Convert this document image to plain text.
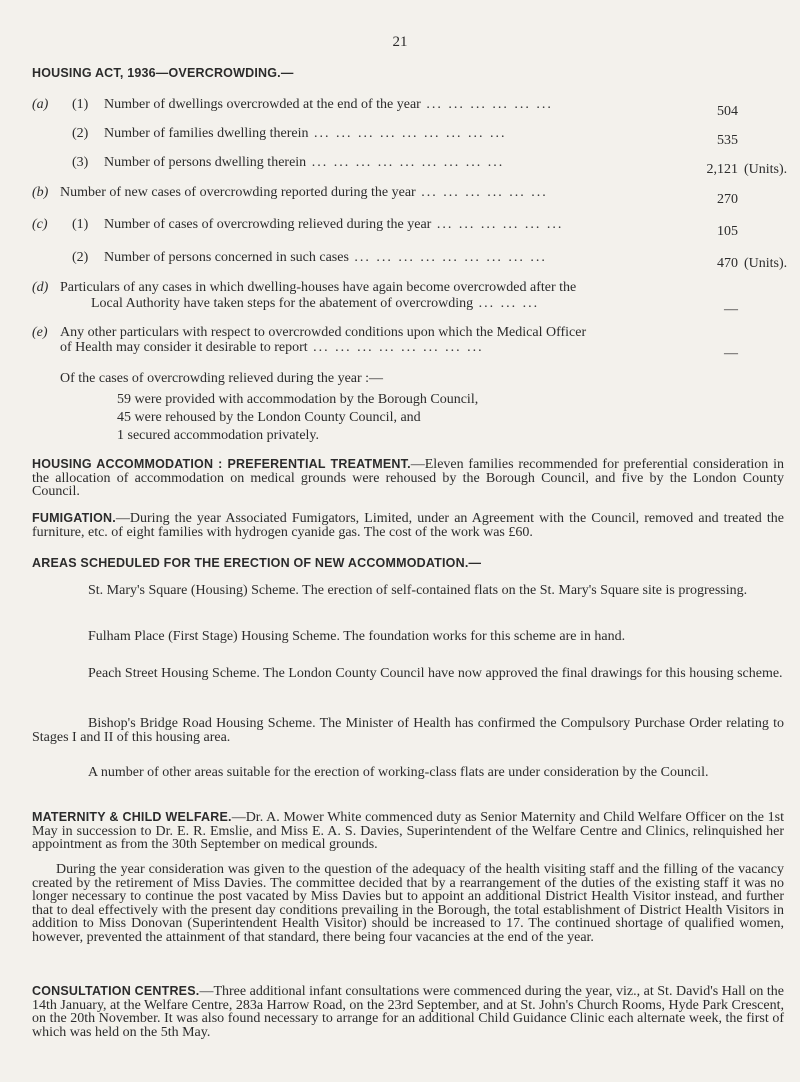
21
HOUSING ACT, 1936—OVERCROWDING.—
(a) (1) Number of dwellings overcrowded at the end of the year ... ... ... ... ... ...	504
(2) Number of families dwelling therein ... ... ... ... ... ... ... ... ...	535
(3) Number of persons dwelling therein ... ... ... ... ... ... ... ... ...	2,121 (Units).
(b) Number of new cases of overcrowding reported during the year ... ... ... ... ... ...	270
(c) (1) Number of cases of overcrowding relieved during the year ... ... ... ... ... ...	105
(2) Number of persons concerned in such cases ... ... ... ... ... ... ... ... ...	470 (Units).
(d) Particulars of any cases in which dwelling-houses have again become overcrowded after the
Local Authority have taken steps for the abatement of overcrowding ... ... ...	—
(e) Any other particulars with respect to overcrowded conditions upon which the Medical Officer
of Health may consider it desirable to report ... ... ... ... ... ... ... ...	—
Of the cases of overcrowding relieved during the year :—
59 were provided with accommodation by the Borough Council,
45 were rehoused by the London County Council, and
1 secured accommodation privately.
HOUSING ACCOMMODATION : PREFERENTIAL TREATMENT.—Eleven families recommended for preferential consideration in the allocation of accommodation on medical grounds were rehoused by the Borough Council, and five by the London County Council.
FUMIGATION.—During the year Associated Fumigators, Limited, under an Agreement with the Council, removed and treated the furniture, etc. of eight families with hydrogen cyanide gas. The cost of the work was £60.
AREAS SCHEDULED FOR THE ERECTION OF NEW ACCOMMODATION.—
St. Mary's Square (Housing) Scheme. The erection of self-contained flats on the St. Mary's Square site is progressing.
Fulham Place (First Stage) Housing Scheme. The foundation works for this scheme are in hand.
Peach Street Housing Scheme. The London County Council have now approved the final drawings for this housing scheme.
Bishop's Bridge Road Housing Scheme. The Minister of Health has confirmed the Compulsory Purchase Order relating to Stages I and II of this housing area.
A number of other areas suitable for the erection of working-class flats are under consideration by the Council.
MATERNITY & CHILD WELFARE.—Dr. A. Mower White commenced duty as Senior Maternity and Child Welfare Officer on the 1st May in succession to Dr. E. R. Emslie, and Miss E. A. S. Davies, Superintendent of the Welfare Centre and Clinics, relinquished her appointment as from the 30th September on medical grounds.
During the year consideration was given to the question of the adequacy of the health visiting staff and the filling of the vacancy created by the retirement of Miss Davies. The committee decided that by a rearrangement of the duties of the existing staff it was no longer necessary to continue the post vacated by Miss Davies but to appoint an additional District Health Visitor instead, and further that to deal effectively with the present day conditions prevailing in the Borough, the total establishment of District Health Visitors in addition to Miss Donovan (Superintendent Health Visitor) should be increased to 17. The continued shortage of qualified women, however, prevented the attainment of that standard, there being four vacancies at the end of the year.
CONSULTATION CENTRES.—Three additional infant consultations were commenced during the year, viz., at St. David's Hall on the 14th January, at the Welfare Centre, 283a Harrow Road, on the 23rd September, and at St. John's Church Rooms, Hyde Park Crescent, on the 20th November. It was also found necessary to arrange for an additional Child Guidance Clinic each alternate week, the first of which was held on the 5th May.
